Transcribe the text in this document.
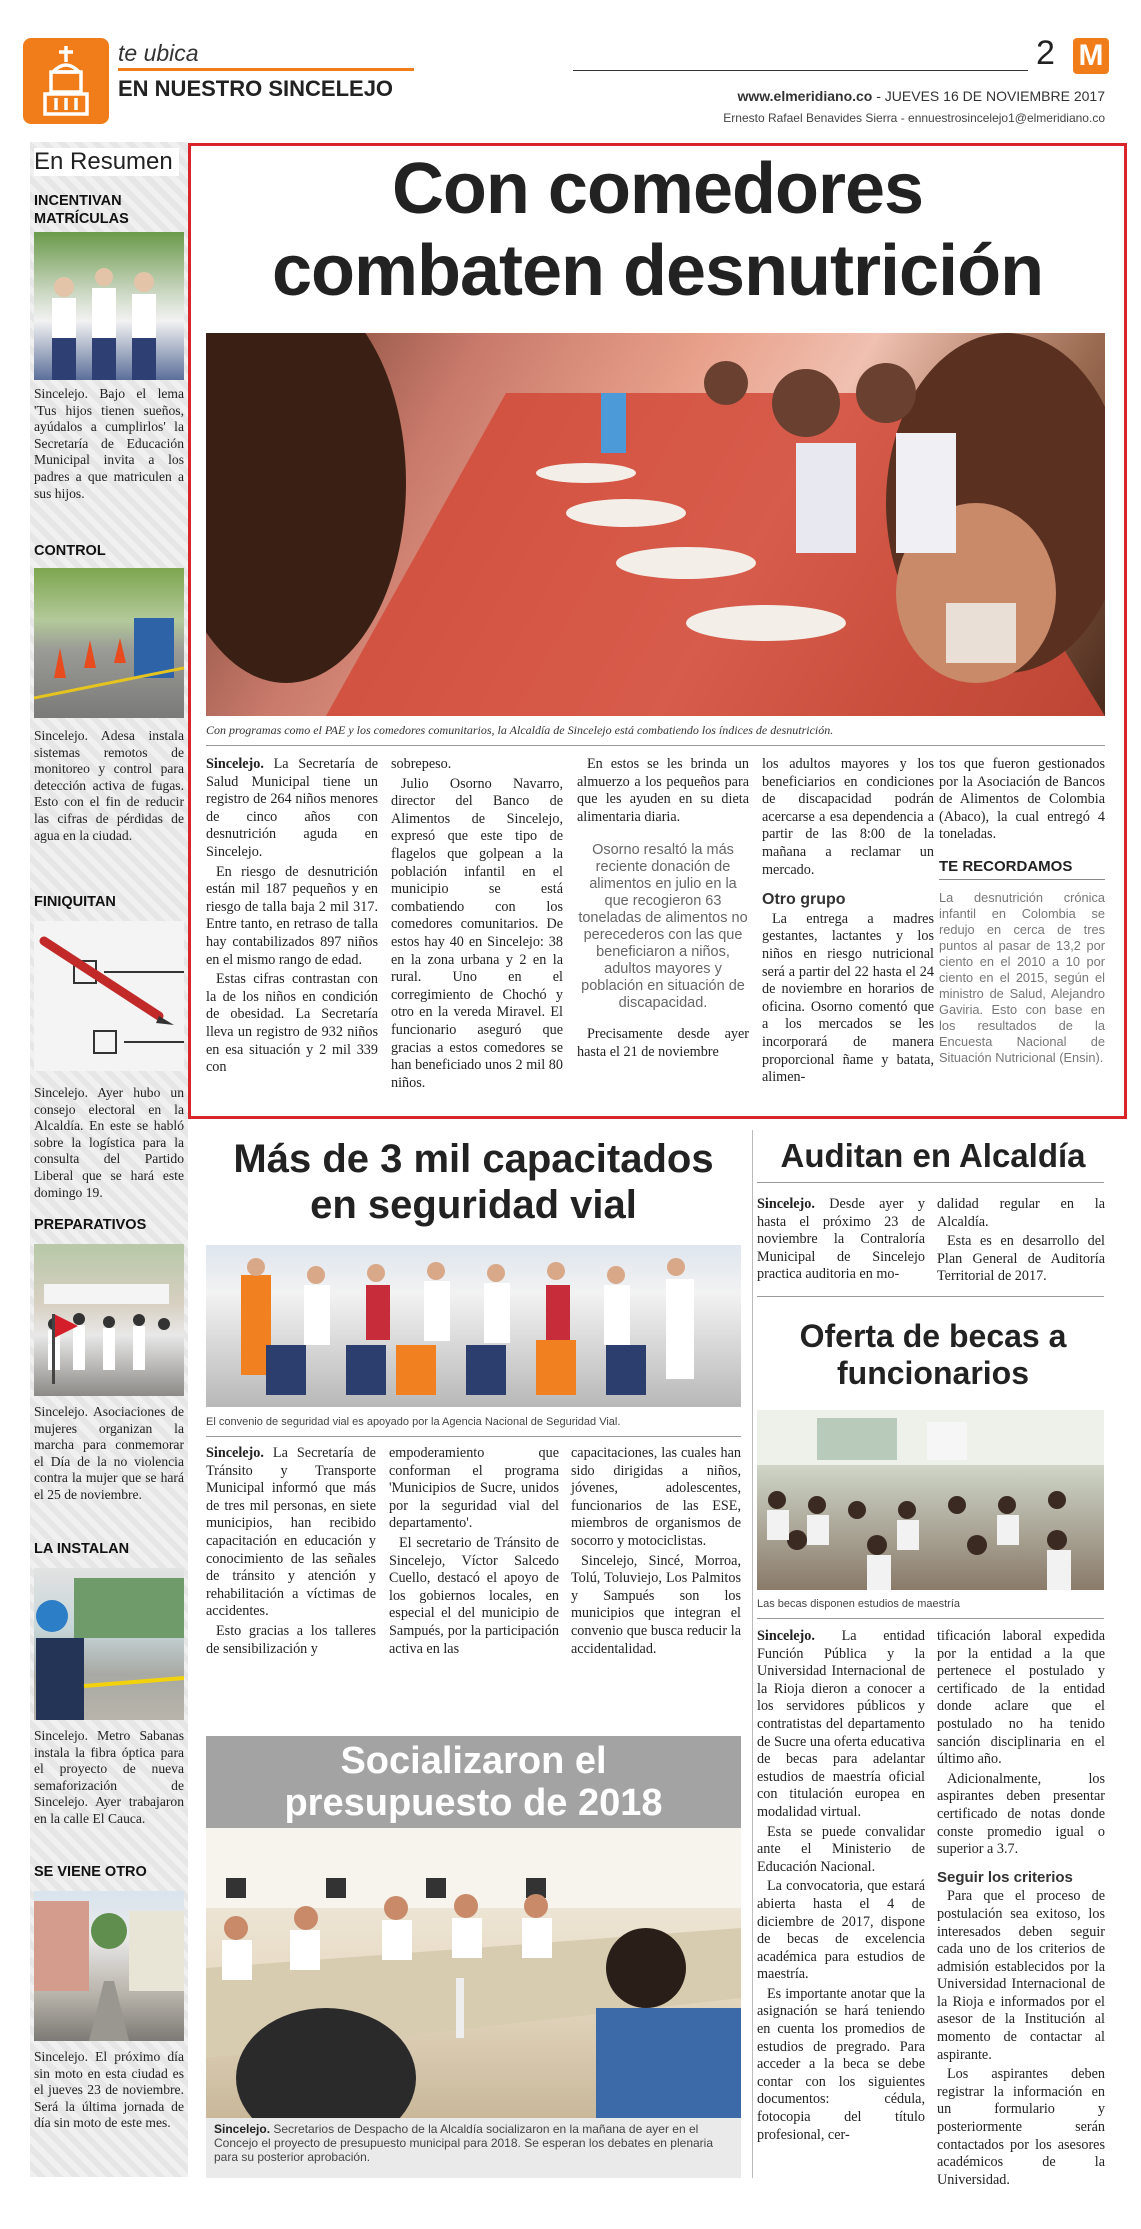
te ubica
EN NUESTRO SINCELEJO
2 M
www.elmeridiano.co - JUEVES 16 DE NOVIEMBRE 2017
Ernesto Rafael Benavides Sierra - ennuestrosincelejo1@elmeridiano.co
En Resumen
INCENTIVAN MATRÍCULAS
Sincelejo. Bajo el lema 'Tus hijos tienen sueños, ayúdalos a cumplirlos' la Secretaría de Educación Municipal invita a los padres a que matriculen a sus hijos.
CONTROL
Sincelejo. Adesa instala sistemas remotos de monitoreo y control para detección activa de fugas. Esto con el fin de reducir las cifras de pérdidas de agua en la ciudad.
FINIQUITAN
Sincelejo. Ayer hubo un consejo electoral en la Alcaldía. En este se habló sobre la logística para la consulta del Partido Liberal que se hará este domingo 19.
PREPARATIVOS
Sincelejo. Asociaciones de mujeres organizan la marcha para conmemorar el Día de la no violencia contra la mujer que se hará el 25 de noviembre.
LA INSTALAN
Sincelejo. Metro Sabanas instala la fibra óptica para el proyecto de nueva semaforización de Sincelejo. Ayer trabajaron en la calle El Cauca.
SE VIENE OTRO
Sincelejo. El próximo día sin moto en esta ciudad es el jueves 23 de noviembre. Será la última jornada de día sin moto de este mes.
Con comedores
combaten desnutrición
Con programas como el PAE y los comedores comunitarios, la Alcaldía de Sincelejo está combatiendo los índices de desnutrición.

Sincelejo. La Secretaría de Salud Municipal tiene un registro de 264 niños menores de cinco años con desnutrición aguda en Sincelejo.

En riesgo de desnutrición están mil 187 pequeños y en riesgo de talla baja 2 mil 317. Entre tanto, en retraso de talla hay contabilizados 897 niños en el mismo rango de edad.

Estas cifras contrastan con la de los niños en condición de obesidad. La Secretaría lleva un registro de 932 niños en esa situación y 2 mil 339 con

sobrepeso.

Julio Osorno Navarro, director del Banco de Alimentos de Sincelejo, expresó que este tipo de flagelos que golpean a la población infantil en el municipio se está combatiendo con los comedores comunitarios. De estos hay 40 en Sincelejo: 38 en la zona urbana y 2 en la rural. Uno en el corregimiento de Chochó y otro en la vereda Miravel. El funcionario aseguró que gracias a estos comedores se han beneficiado unos 2 mil 80 niños.

En estos se les brinda un almuerzo a los pequeños para que les ayuden en su dieta alimentaria diaria.

Osorno resaltó la más reciente donación de alimentos en julio en la que recogieron 63 toneladas de alimentos no perecederos con las que beneficiaron a niños, adultos mayores y población en situación de discapacidad.

Precisamente desde ayer hasta el 21 de noviembre

los adultos mayores y los beneficiarios en condiciones de discapacidad podrán acercarse a esa dependencia a partir de las 8:00 de la mañana a reclamar un mercado.

Otro grupo

La entrega a madres gestantes, lactantes y los niños en riesgo nutricional será a partir del 22 hasta el 24 de noviembre en horarios de oficina. Osorno comentó que a los mercados se les incorporará de manera proporcional ñame y batata, alimen-

tos que fueron gestionados por la Asociación de Bancos de Alimentos de Colombia (Abaco), la cual entregó 4 toneladas.

TE RECORDAMOS
La desnutrición crónica infantil en Colombia se redujo en cerca de tres puntos al pasar de 13,2 por ciento en el 2010 a 10 por ciento en el 2015, según el ministro de Salud, Alejandro Gaviria. Esto con base en los resultados de la Encuesta Nacional de Situación Nutricional (Ensin).
Más de 3 mil capacitados en seguridad vial
El convenio de seguridad vial es apoyado por la Agencia Nacional de Seguridad Vial.

Sincelejo. La Secretaría de Tránsito y Transporte Municipal informó que más de tres mil personas, en siete municipios, han recibido capacitación en educación y conocimiento de las señales de tránsito y atención y rehabilitación a víctimas de accidentes.

Esto gracias a los talleres de sensibilización y

empoderamiento que conforman el programa 'Municipios de Sucre, unidos por la seguridad vial del departamento'.

El secretario de Tránsito de Sincelejo, Víctor Salcedo Cuello, destacó el apoyo de los gobiernos locales, en especial el del municipio de Sampués, por la participación activa en las

capacitaciones, las cuales han sido dirigidas a niños, jóvenes, adolescentes, funcionarios de las ESE, miembros de organismos de socorro y motociclistas.

Sincelejo, Sincé, Morroa, Tolú, Toluviejo, Los Palmitos y Sampués son los municipios que integran el convenio que busca reducir la accidentalidad.

Socializaron el presupuesto de 2018
Sincelejo. Secretarios de Despacho de la Alcaldía socializaron en la mañana de ayer en el Concejo el proyecto de presupuesto municipal para 2018. Se esperan los debates en plenaria para su posterior aprobación.
Auditan en Alcaldía

Sincelejo. Desde ayer y hasta el próximo 23 de noviembre la Contraloría Municipal de Sincelejo practica auditoria en mo-

dalidad regular en la Alcaldía.

Esta es en desarrollo del Plan General de Auditoría Territorial de 2017.

Oferta de becas a funcionarios
Las becas disponen estudios de maestría

Sincelejo. La entidad Función Pública y la Universidad Internacional de la Rioja dieron a conocer a los servidores públicos y contratistas del departamento de Sucre una oferta educativa de becas para adelantar estudios de maestría oficial con titulación europea en modalidad virtual.

Esta se puede convalidar ante el Ministerio de Educación Nacional.

La convocatoria, que estará abierta hasta el 4 de diciembre de 2017, dispone de becas de excelencia académica para estudios de maestría.

Es importante anotar que la asignación se hará teniendo en cuenta los promedios de estudios de pregrado. Para acceder a la beca se debe contar con los siguientes documentos: cédula, fotocopia del título profesional, cer-

tificación laboral expedida por la entidad a la que pertenece el postulado y certificado de la entidad donde aclare que el postulado no ha tenido sanción disciplinaria en el último año.

Adicionalmente, los aspirantes deben presentar certificado de notas donde conste promedio igual o superior a 3.7.

Seguir los criterios

Para que el proceso de postulación sea exitoso, los interesados deben seguir cada uno de los criterios de admisión establecidos por la Universidad Internacional de la Rioja e informados por el asesor de la Institución al momento de contactar al aspirante.

Los aspirantes deben registrar la información en un formulario y posteriormente serán contactados por los asesores académicos de la Universidad.
